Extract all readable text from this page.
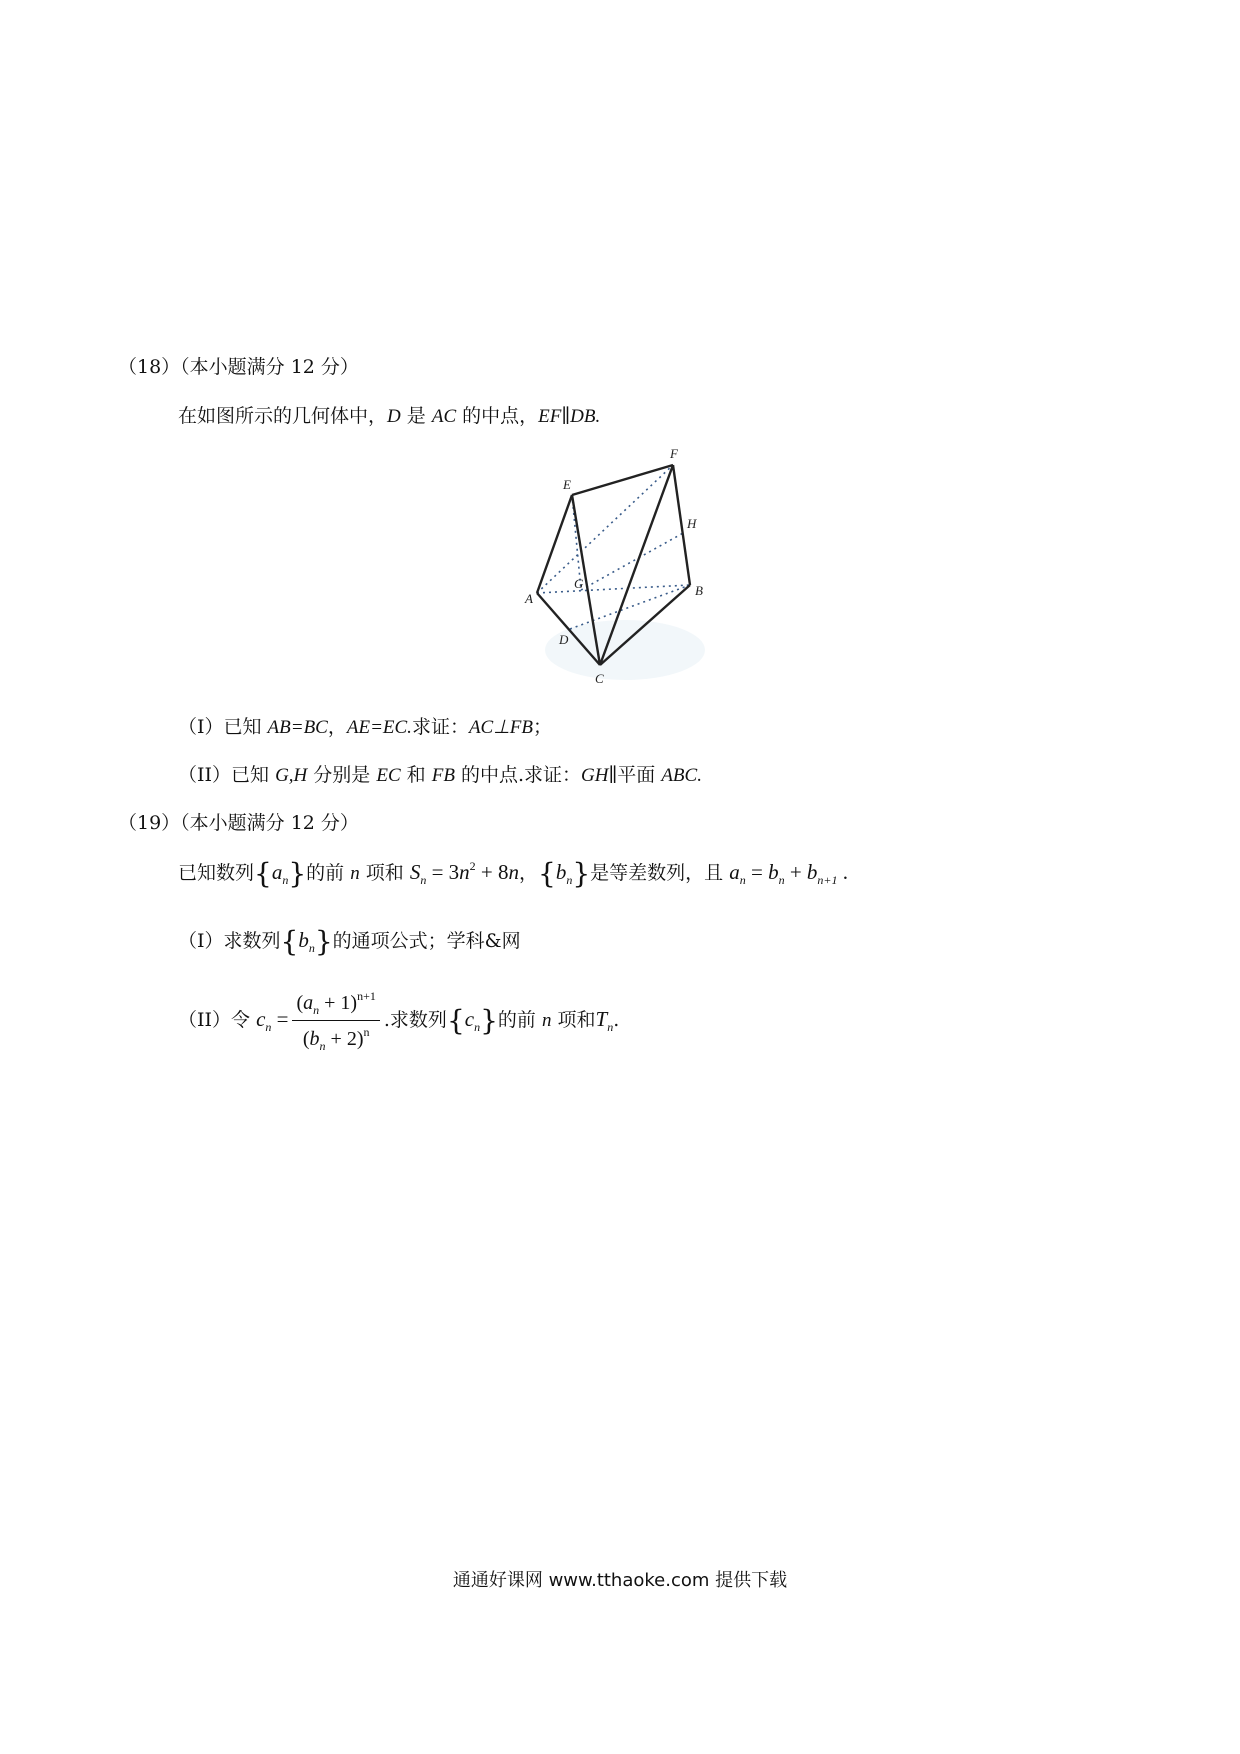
（18）（本小题满分 12 分）
在如图所示的几何体中，D 是 AC 的中点，EF∥DB.
E
F
H
G
A
B
D
C
（I）已知 AB=BC，AE=EC.求证：AC⊥FB；
（II）已知 G,H 分别是 EC 和 FB 的中点.求证：GH∥平面 ABC.
（19）（本小题满分 12 分）
已知数列$\{a_n\}$的前 n 项和 $S_n = 3n^2 + 8n$，$\{b_n\}$是等差数列，且 $a_n = b_n + b_{n+1}$ .
（I）求数列$\{b_n\}$的通项公式；学科&网
（II）令 $c_n = \frac{(a_n + 1)^{n+1}}{(b_n + 2)^n}$ .求数列$\{c_n\}$的前 n 项和$T_n$.
通通好课网 www.tthaoke.com 提供下载
